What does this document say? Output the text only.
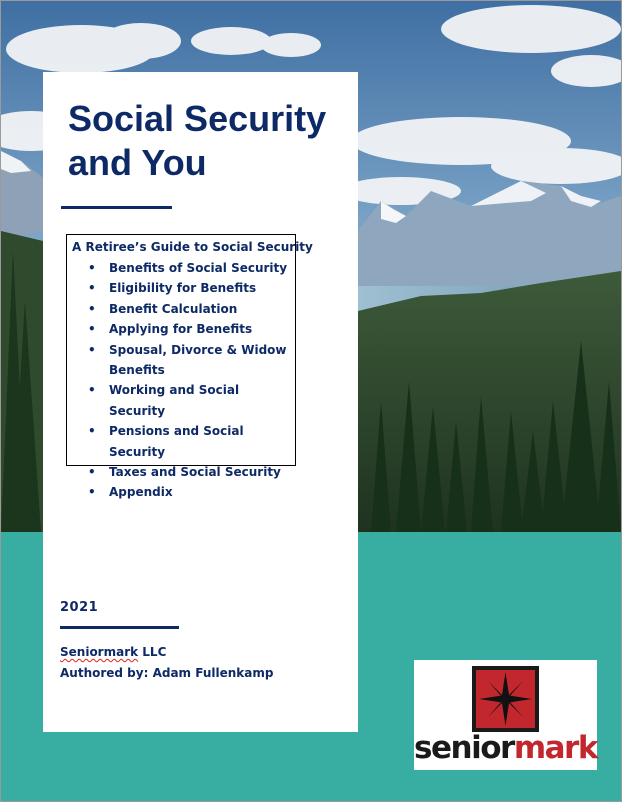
Social Security and You

A Retiree’s Guide to Social Security

• Benefits of Social Security
• Eligibility for Benefits
• Benefit Calculation
• Applying for Benefits
• Spousal, Divorce & Widow Benefits
• Working and Social Security
• Pensions and Social Security
• Taxes and Social Security
• Appendix
2021
Seniormark LLC
Authored by: Adam Fullenkamp
seniormark
